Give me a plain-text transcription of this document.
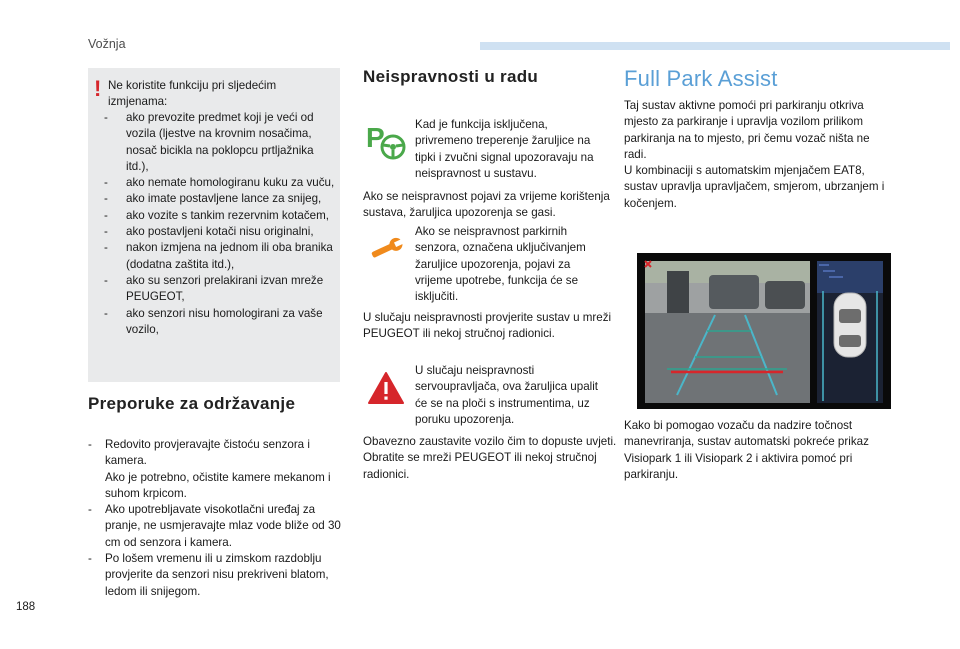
Vožnja
! Ne koristite funkciju pri sljedećim izmjenama:
- ako prevozite predmet koji je veći od vozila (ljestve na krovnim nosačima, nosač bicikla na poklopcu prtljažnika itd.),
- ako nemate homologiranu kuku za vuču,
- ako imate postavljene lance za snijeg,
- ako vozite s tankim rezervnim kotačem,
- ako postavljeni kotači nisu originalni,
- nakon izmjena na jednom ili oba branika (dodatna zaštita itd.),
- ako su senzori prelakirani izvan mreže PEUGEOT,
- ako senzori nisu homologirani za vaše vozilo,
Preporuke za održavanje
- Redovito provjeravajte čistoću senzora i kamera.
Ako je potrebno, očistite kamere mekanom i suhom krpicom.
- Ako upotrebljavate visokotlačni uređaj za pranje, ne usmjeravajte mlaz vode bliže od 30 cm od senzora i kamera.
- Po lošem vremenu ili u zimskom razdoblju provjerite da senzori nisu prekriveni blatom, ledom ili snijegom.
Neispravnosti u radu
P	Kad je funkcija isključena, privremeno treperenje žaruljice na tipki i zvučni signal upozoravaju na neispravnost u sustavu.
Ako se neispravnost pojavi za vrijeme korištenja sustava, žaruljica upozorenja se gasi.
Ako se neispravnost parkirnih senzora, označena uključivanjem žaruljice upozorenja, pojavi za vrijeme upotrebe, funkcija će se isključiti.
U slučaju neispravnosti provjerite sustav u mreži PEUGEOT ili nekoj stručnoj radionici.
U slučaju neispravnosti servoupravljača, ova žaruljica upalit će se na ploči s instrumentima, uz poruku upozorenja.
Obavezno zaustavite vozilo čim to dopuste uvjeti. Obratite se mreži PEUGEOT ili nekoj stručnoj radionici.
Full Park Assist
Taj sustav aktivne pomoći pri parkiranju otkriva mjesto za parkiranje i upravlja vozilom prilikom parkiranja na to mjesto, pri čemu vozač ništa ne radi.
U kombinaciji s automatskim mjenjačem EAT8, sustav upravlja upravljačem, smjerom, ubrzanjem i kočenjem.
Kako bi pomogao vozaču da nadzire točnost manevriranja, sustav automatski pokreće prikaz Visiopark 1 ili Visiopark 2 i aktivira pomoć pri parkiranju.
188
